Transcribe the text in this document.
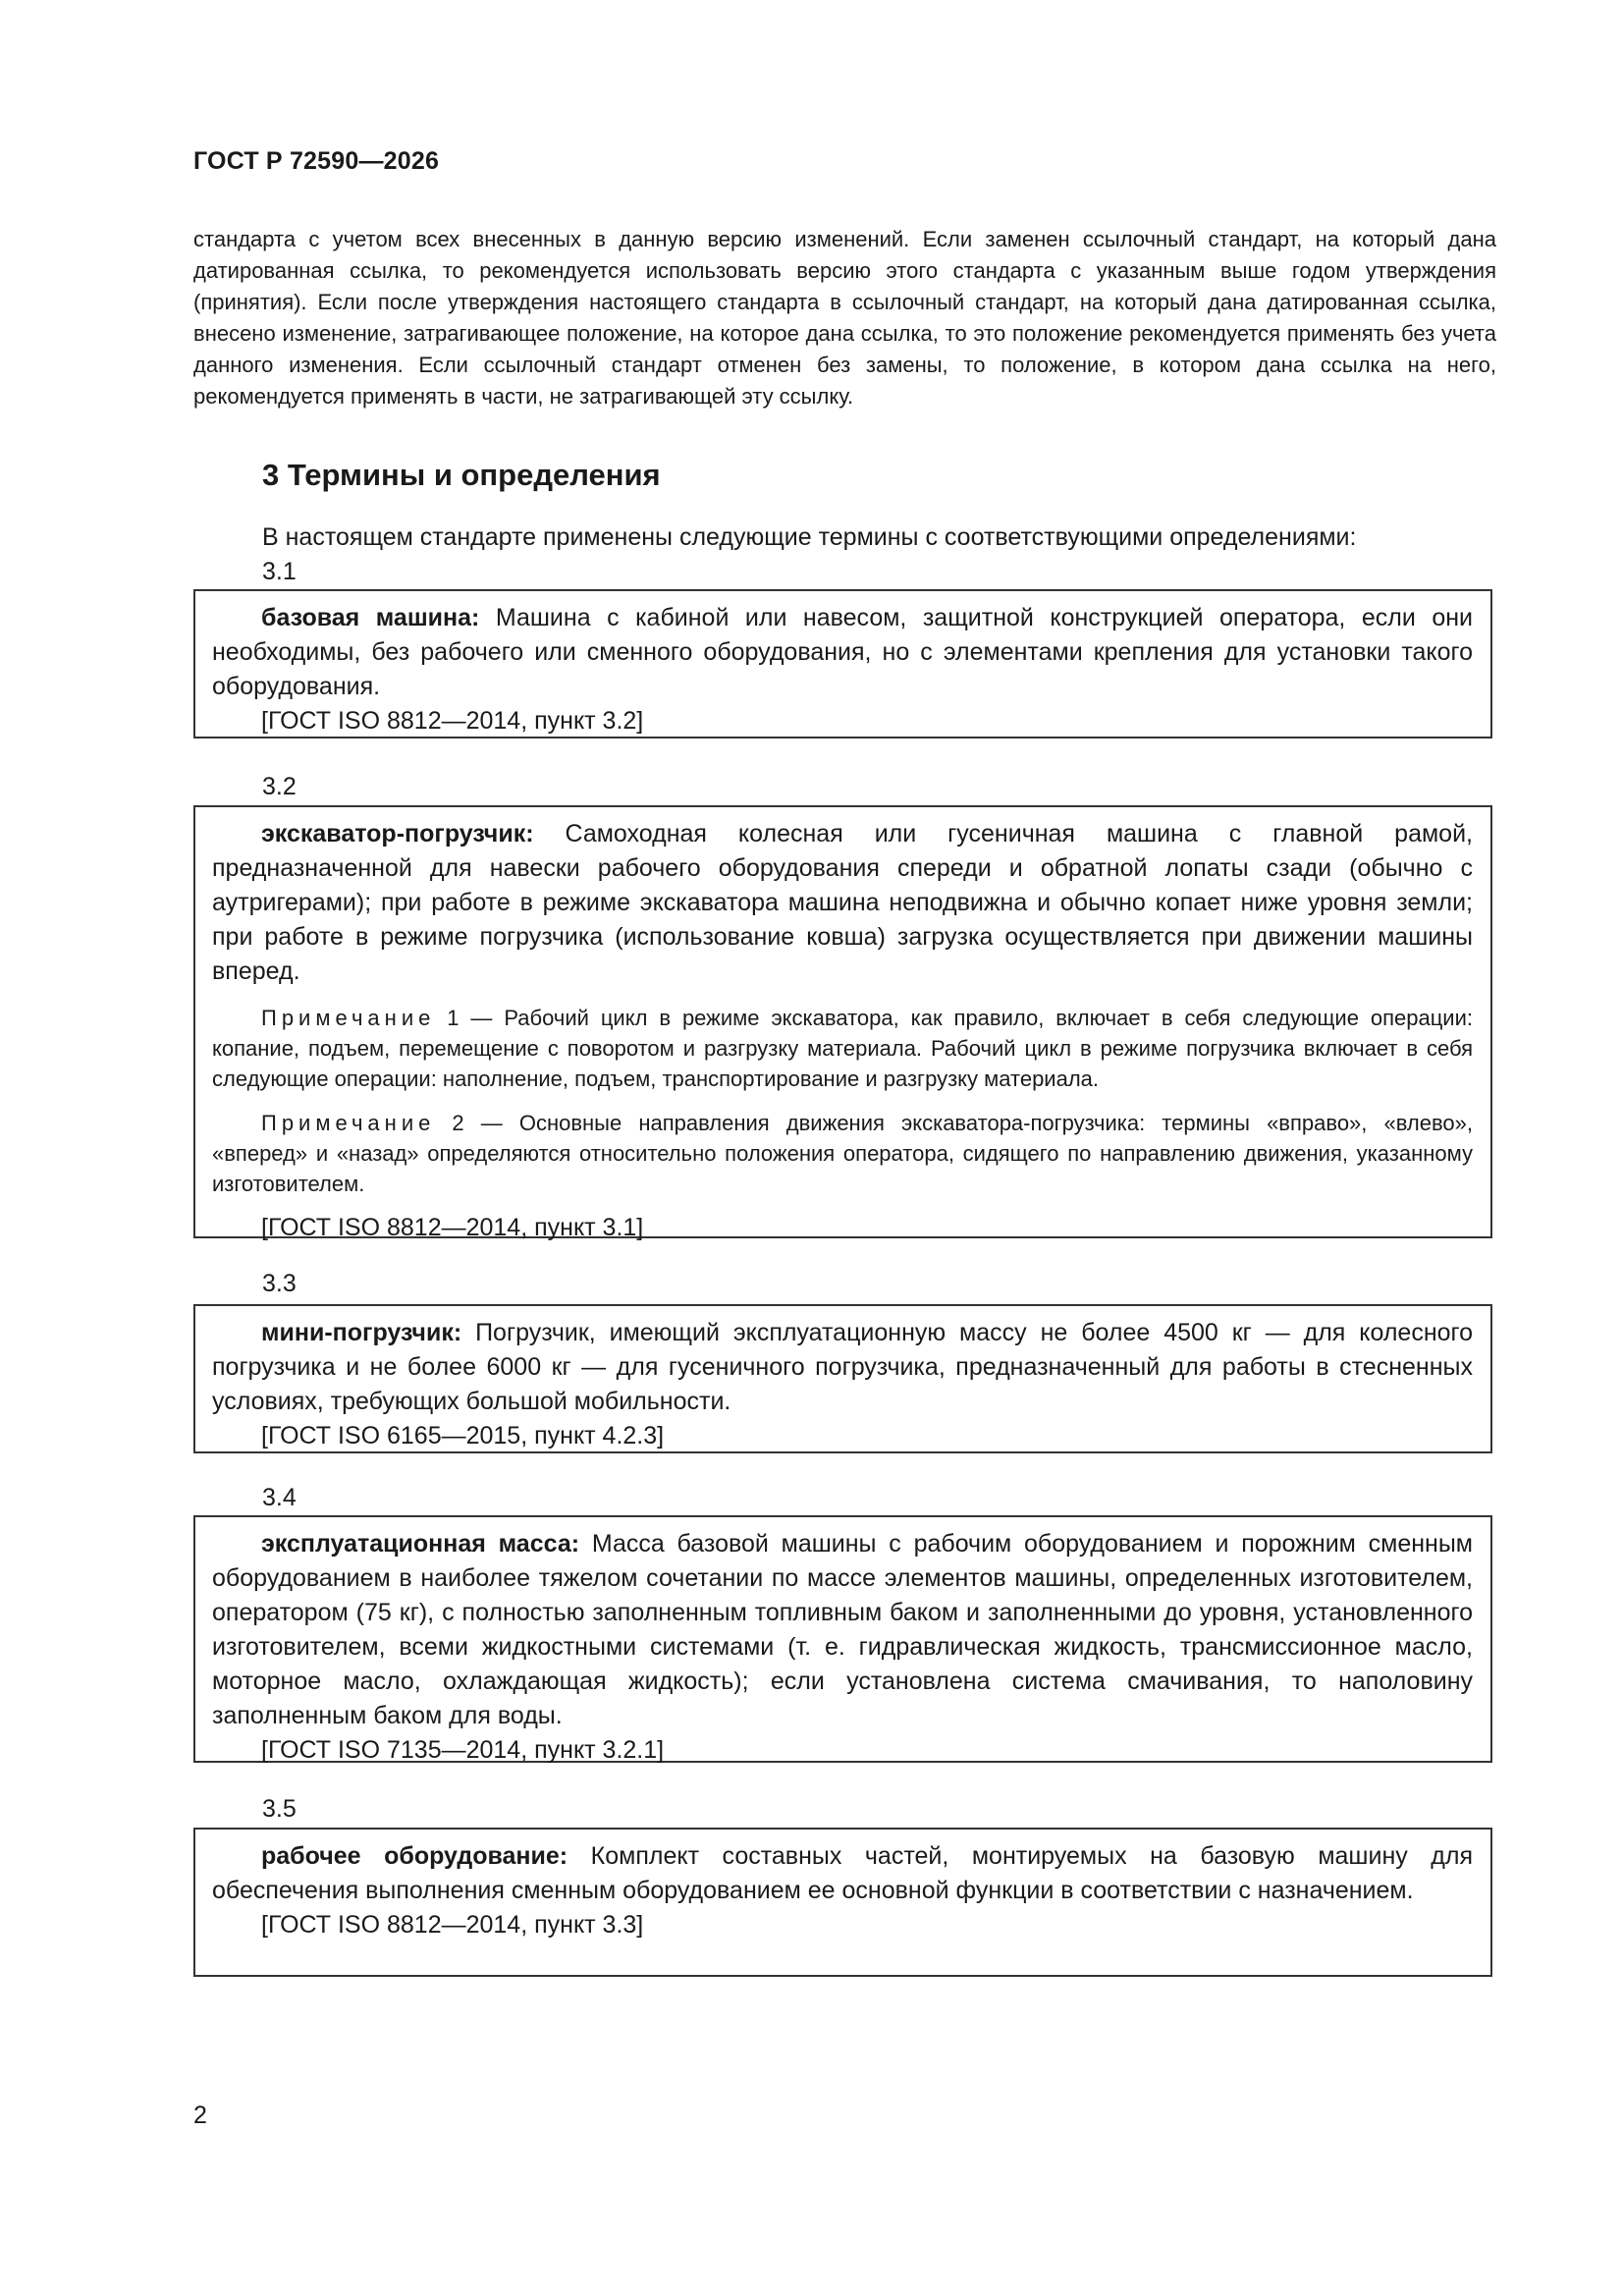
ГОСТ Р 72590—2026

стандарта с учетом всех внесенных в данную версию изменений. Если заменен ссылочный стандарт, на который дана датированная ссылка, то рекомендуется использовать версию этого стандарта с указанным выше годом утверждения (принятия). Если после утверждения настоящего стандарта в ссылочный стандарт, на который дана датированная ссылка, внесено изменение, затрагивающее положение, на которое дана ссылка, то это положение рекомендуется применять без учета данного изменения. Если ссылочный стандарт отменен без замены, то положение, в котором дана ссылка на него, рекомендуется применять в части, не затрагивающей эту ссылку.

3 Термины и определения
В настоящем стандарте применены следующие термины с соответствующими определениями:
3.1

базовая машина: Машина с кабиной или навесом, защитной конструкцией оператора, если они необходимы, без рабочего или сменного оборудования, но с элементами крепления для установки такого оборудования.

[ГОСТ ISO 8812—2014, пункт 3.2]

3.2

экскаватор-погрузчик: Самоходная колесная или гусеничная машина с главной рамой, предназначенной для навески рабочего оборудования спереди и обратной лопаты сзади (обычно с аутригерами); при работе в режиме экскаватора машина неподвижна и обычно копает ниже уровня земли; при работе в режиме погрузчика (использование ковша) загрузка осуществляется при движении машины вперед.

Примечание 1 — Рабочий цикл в режиме экскаватора, как правило, включает в себя следующие операции: копание, подъем, перемещение с поворотом и разгрузку материала. Рабочий цикл в режиме погрузчика включает в себя следующие операции: наполнение, подъем, транспортирование и разгрузку материала.

Примечание 2 — Основные направления движения экскаватора-погрузчика: термины «вправо», «влево», «вперед» и «назад» определяются относительно положения оператора, сидящего по направлению движения, указанному изготовителем.

[ГОСТ ISO 8812—2014, пункт 3.1]

3.3

мини-погрузчик: Погрузчик, имеющий эксплуатационную массу не более 4500 кг — для колесного погрузчика и не более 6000 кг — для гусеничного погрузчика, предназначенный для работы в стесненных условиях, требующих большой мобильности.

[ГОСТ ISO 6165—2015, пункт 4.2.3]

3.4

эксплуатационная масса: Масса базовой машины с рабочим оборудованием и порожним сменным оборудованием в наиболее тяжелом сочетании по массе элементов машины, определенных изготовителем, оператором (75 кг), с полностью заполненным топливным баком и заполненными до уровня, установленного изготовителем, всеми жидкостными системами (т. е. гидравлическая жидкость, трансмиссионное масло, моторное масло, охлаждающая жидкость); если установлена система смачивания, то наполовину заполненным баком для воды.

[ГОСТ ISO 7135—2014, пункт 3.2.1]

3.5

рабочее оборудование: Комплект составных частей, монтируемых на базовую машину для обеспечения выполнения сменным оборудованием ее основной функции в соответствии с назначением.

[ГОСТ ISO 8812—2014, пункт 3.3]

2
